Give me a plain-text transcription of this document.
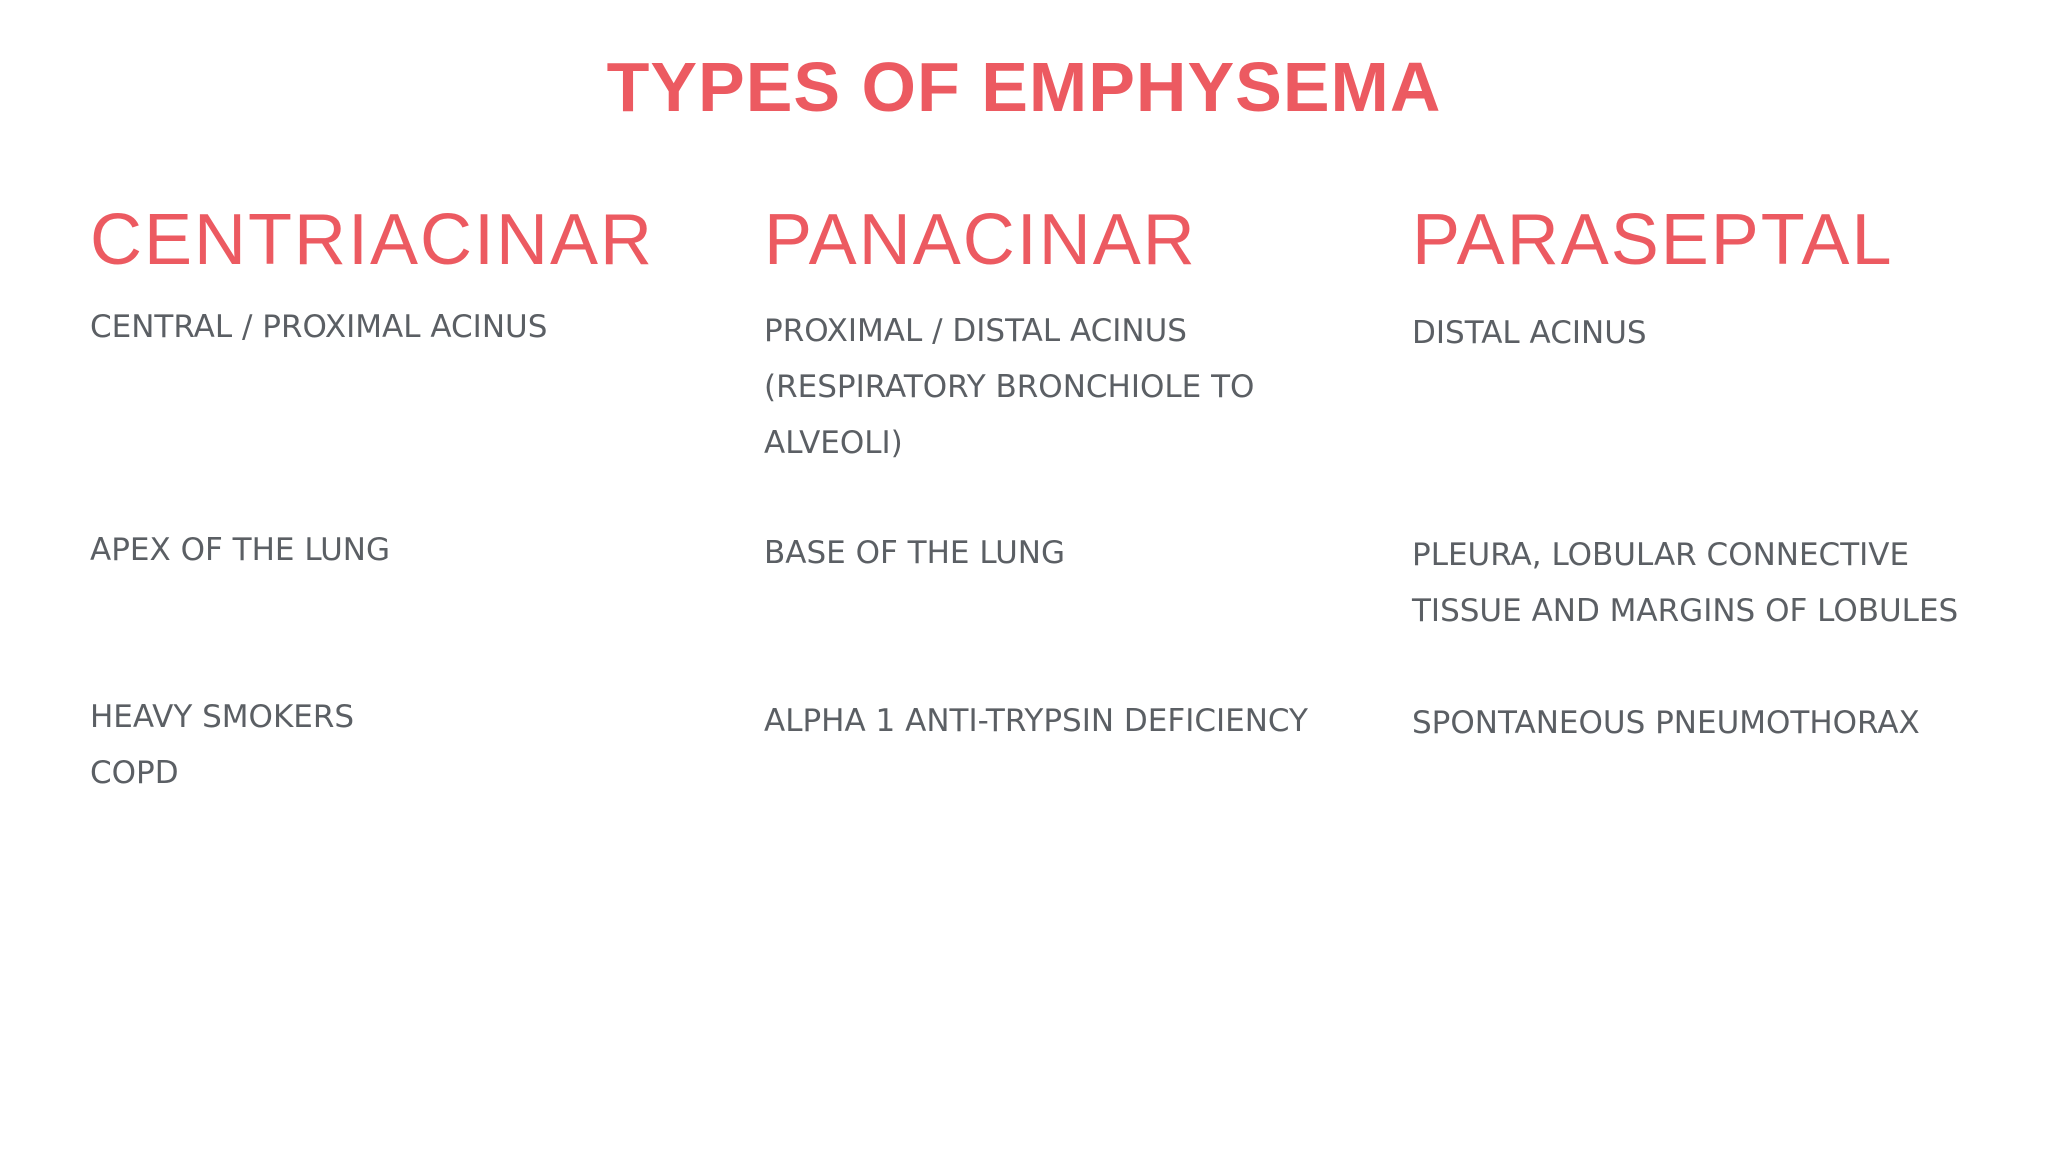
TYPES OF EMPHYSEMA
CENTRIACINAR

CENTRAL / PROXIMAL ACINUS

APEX OF THE LUNG

HEAVY SMOKERS
COPD

PANACINAR

PROXIMAL / DISTAL ACINUS
(RESPIRATORY BRONCHIOLE TO
ALVEOLI)

BASE OF THE LUNG

ALPHA 1 ANTI-TRYPSIN DEFICIENCY

PARASEPTAL

DISTAL ACINUS

PLEURA, LOBULAR CONNECTIVE
TISSUE AND MARGINS OF LOBULES

SPONTANEOUS PNEUMOTHORAX
